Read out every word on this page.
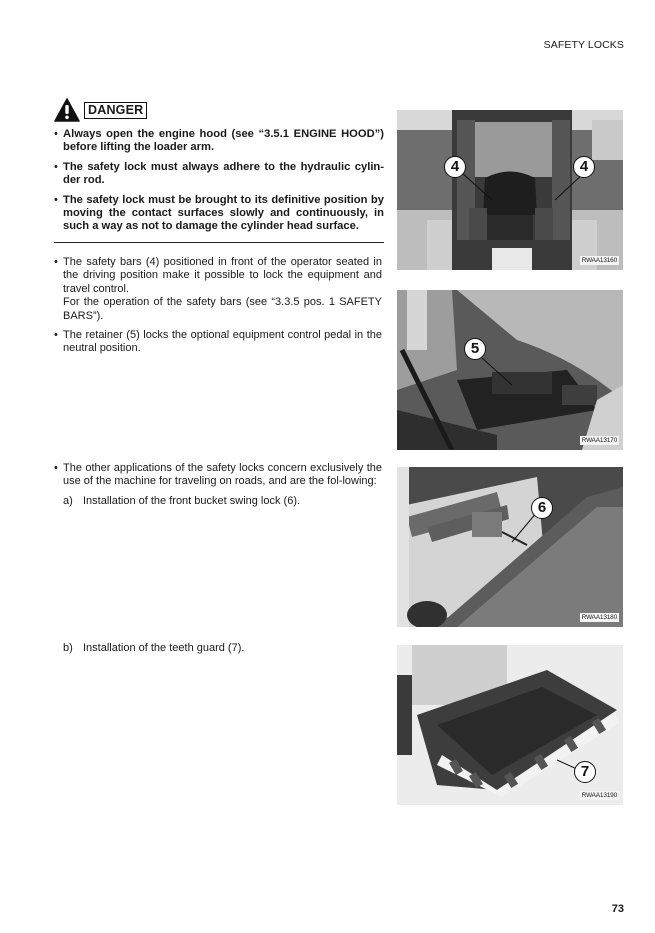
SAFETY LOCKS
DANGER
• Always open the engine hood (see “3.5.1 ENGINE HOOD”) before lifting the loader arm.
• The safety lock must always adhere to the hydraulic cylin-der rod.
• The safety lock must be brought to its definitive position by moving the contact surfaces slowly and continuously, in such a way as not to damage the cylinder head surface.
• The safety bars (4) positioned in front of the operator seated in the driving position make it possible to lock the equipment and travel control.
For the operation of the safety bars (see “3.3.5 pos. 1 SAFETY BARS”).
• The retainer (5) locks the optional equipment control pedal in the neutral position.
• The other applications of the safety locks concern exclusively the use of the machine for traveling on roads, and are the fol-lowing:
a) Installation of the front bucket swing lock (6).
b) Installation of the teeth guard (7).
4	4
RWAA13160
5
RWAA13170
6
RWAA13180
7
RWAA13190
73
